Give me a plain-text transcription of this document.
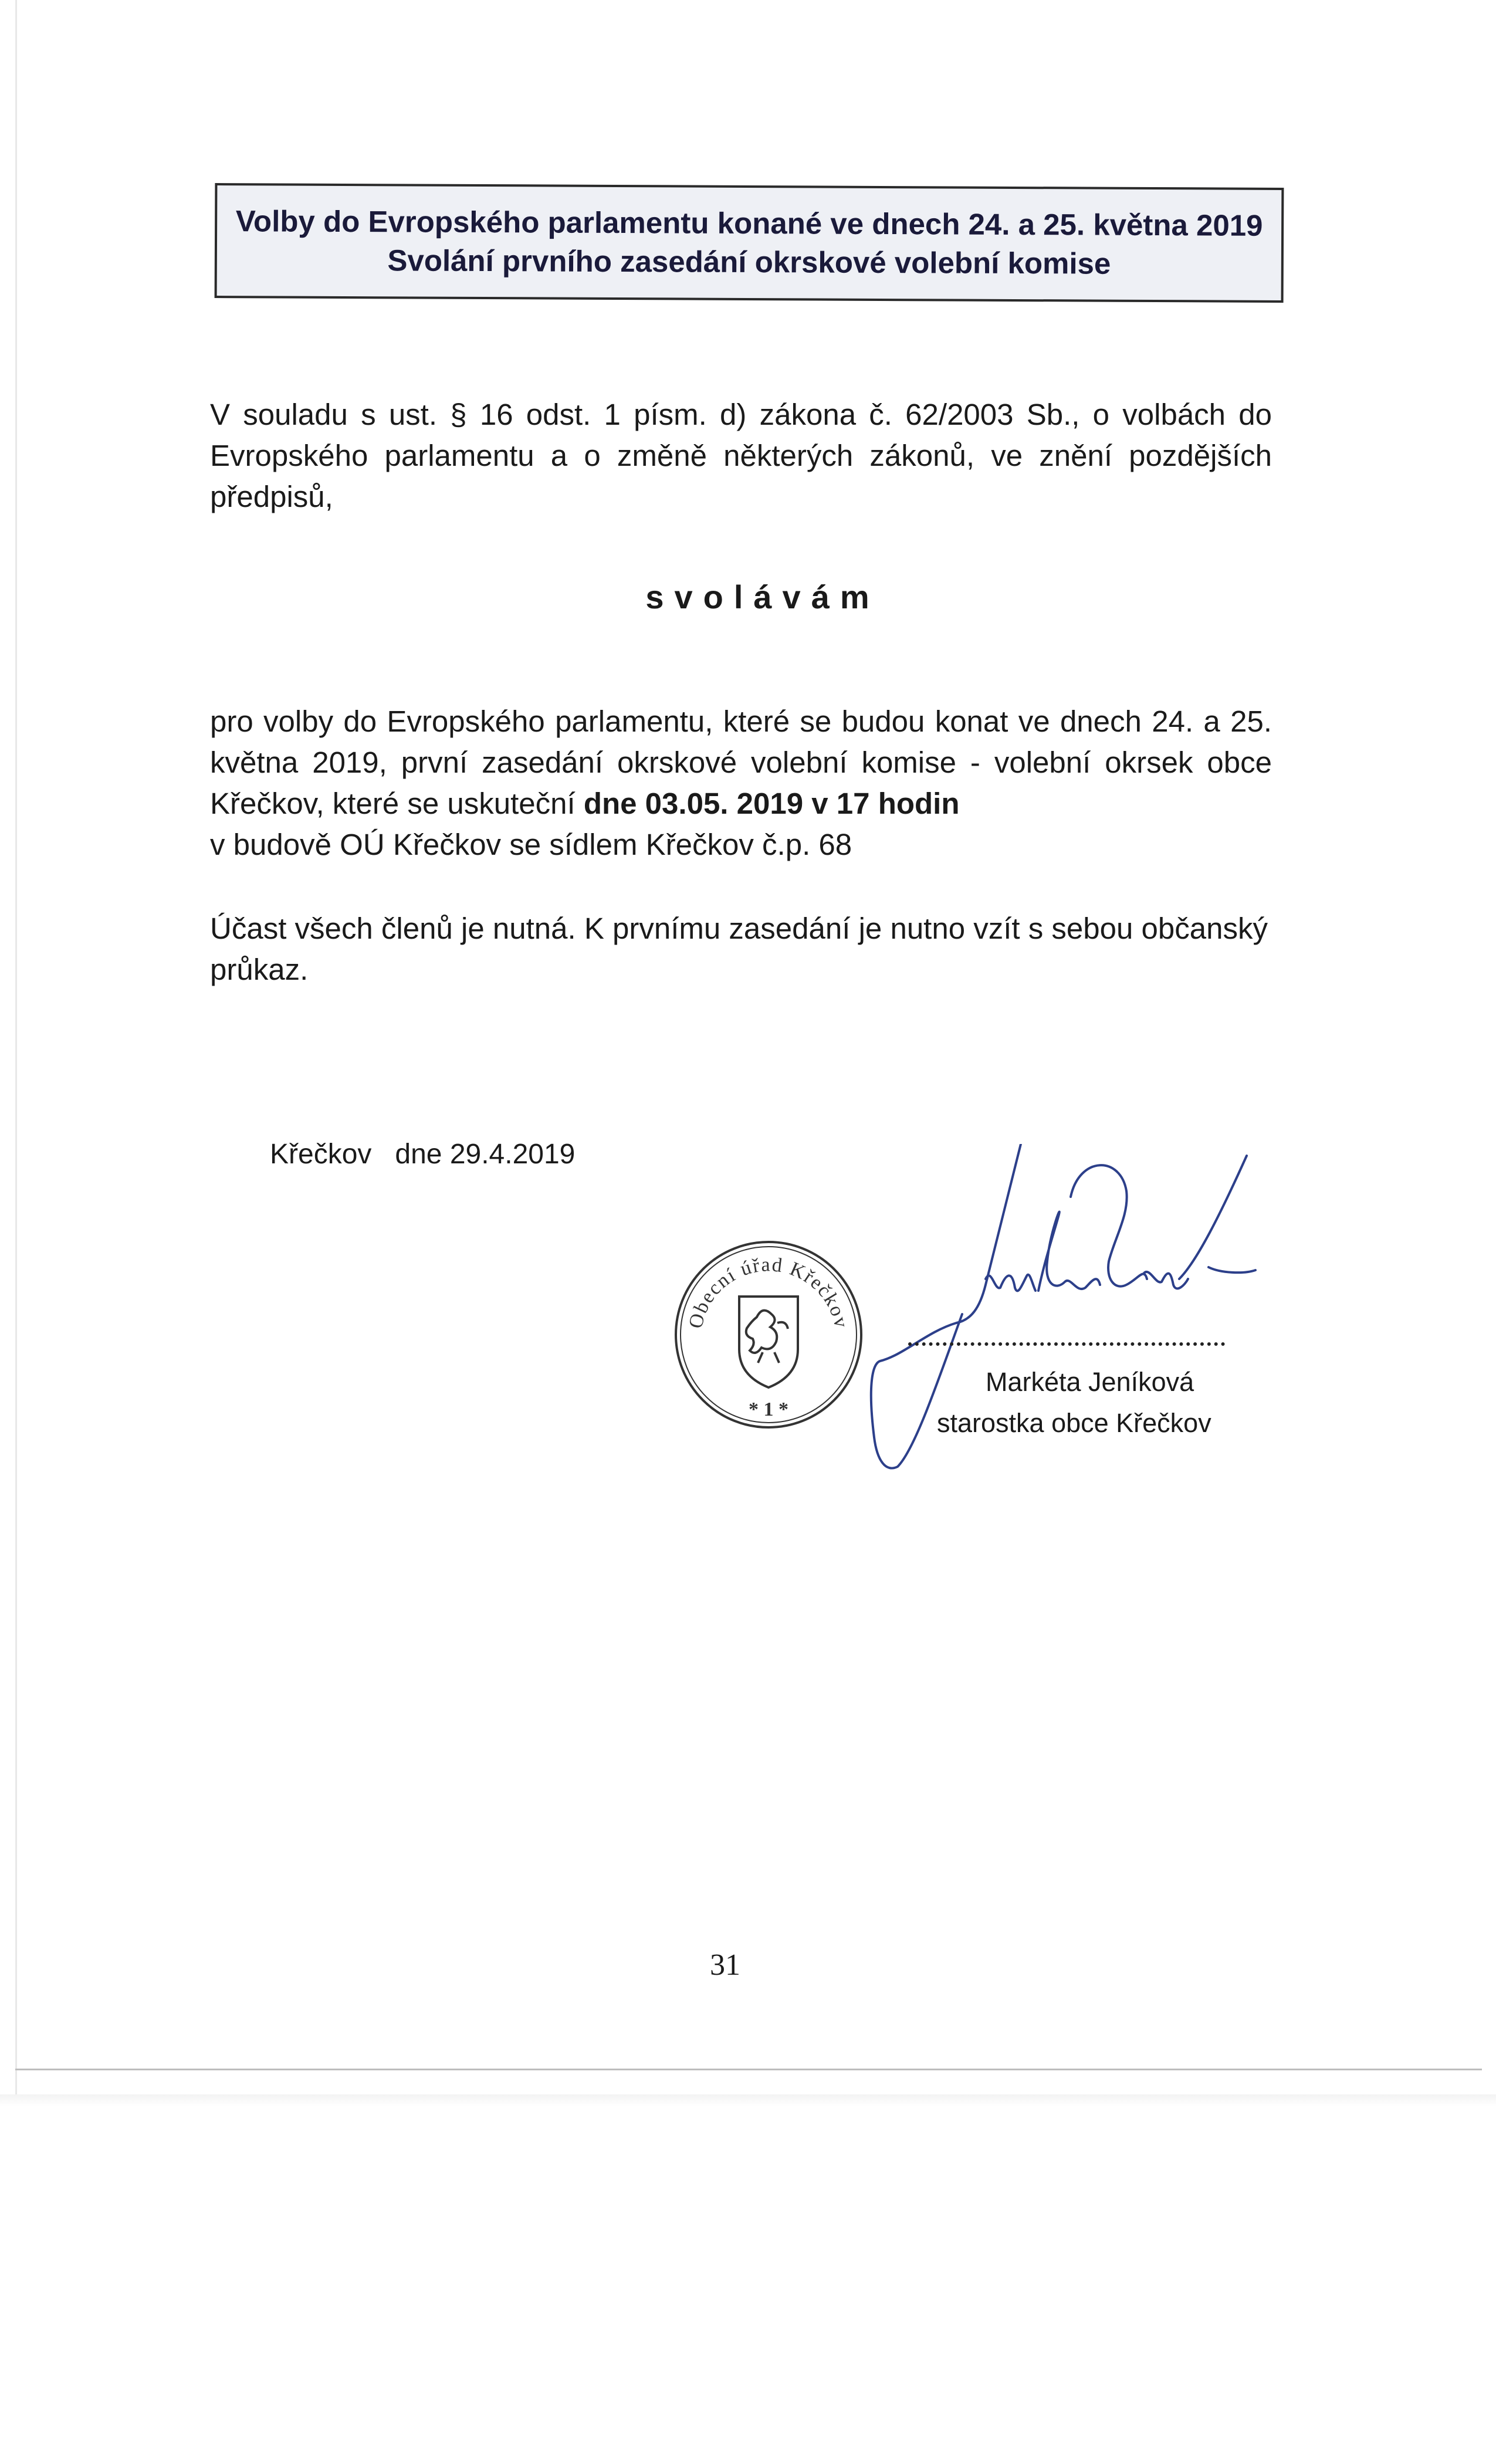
Volby do Evropského parlamentu konané ve dnech 24. a 25. května 2019
Svolání prvního zasedání okrskové volební komise
V souladu s ust. § 16 odst. 1 písm. d) zákona č. 62/2003 Sb., o volbách do Evropského parlamentu a o změně některých zákonů, ve znění pozdějších předpisů,
svolávám
pro volby do Evropského parlamentu, které se budou konat ve dnech 24. a 25. května 2019, první zasedání okrskové volební komise - volební okrsek obce Křečkov, které se uskuteční dne 03.05. 2019 v 17 hodin
v budově OÚ Křečkov se sídlem Křečkov č.p. 68
Účast všech členů je nutná. K prvnímu zasedání je nutno vzít s sebou občanský průkaz.
Křečkov dne 29.4.2019
Obecní úřad Křečkov
* 1 *
Markéta Jeníková
starostka obce Křečkov
31
